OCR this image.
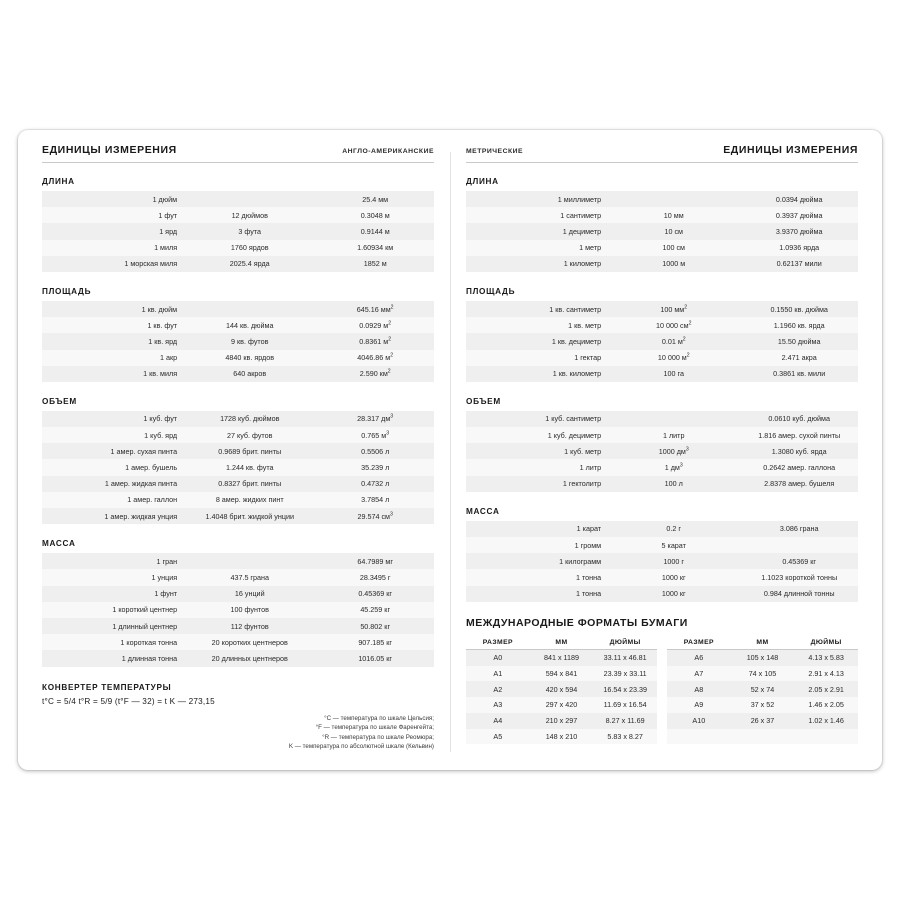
ЕДИНИЦЫ ИЗМЕРЕНИЯ	АНГЛО-АМЕРИКАНСКИЕ
ДЛИНА
1 дюйм		25.4 мм
1 фут	12 дюймов	0.3048 м
1 ярд	3 фута	0.9144 м
1 миля	1760 ярдов	1.60934 км
1 морская миля	2025.4 ярда	1852 м
ПЛОЩАДЬ
1 кв. дюйм		645.16 $мм^2$
1 кв. фут	144 кв. дюйма	0.0929 $м^2$
1 кв. ярд	9 кв. футов	0.8361 $м^2$
1 акр	4840 кв. ярдов	4046.86 $м^2$
1 кв. миля	640 акров	2.590 $км^2$
ОБЪЕМ
1 куб. фут	1728 куб. дюймов	28.317 $дм^3$
1 куб. ярд	27 куб. футов	0.765 $м^3$
1 амер. сухая пинта	0.9689 брит. пинты	0.5506 л
1 амер. бушель	1.244 кв. фута	35.239 л
1 амер. жидкая пинта	0.8327 брит. пинты	0.4732 л
1 амер. галлон	8 амер. жидких пинт	3.7854 л
1 амер. жидкая унция	1.4048 брит. жидкой унции	29.574 $см^3$
МАССА
1 гран		64.7989 мг
1 унция	437.5 грана	28.3495 г
1 фунт	16 унций	0.45369 кг
1 короткий центнер	100 фунтов	45.259 кг
1 длинный центнер	112 фунтов	50.802 кг
1 короткая тонна	20 коротких центнеров	907.185 кг
1 длинная тонна	20 длинных центнеров	1016.05 кг
КОНВЕРТЕР ТЕМПЕРАТУРЫ
t°C = 5/4 t°R = 5/9 (t°F — 32) = t K — 273,15
°C — температура по шкале Цельсия;
°F — температура по шкале Фаренгейта;
°R — температура по шкале Реомюра;
K — температура по абсолютной шкале (Кельвин)
МЕТРИЧЕСКИЕ	ЕДИНИЦЫ ИЗМЕРЕНИЯ
ДЛИНА
1 миллиметр		0.0394 дюйма
1 сантиметр	10 мм	0.3937 дюйма
1 дециметр	10 см	3.9370 дюйма
1 метр	100 см	1.0936 ярда
1 километр	1000 м	0.62137 мили
ПЛОЩАДЬ
1 кв. сантиметр	100 $мм^2$	0.1550 кв. дюйма
1 кв. метр	10 000 $см^2$	1.1960 кв. ярда
1 кв. дециметр	0.01 $м^2$	15.50 дюйма
1 гектар	10 000 $м^2$	2.471 акра
1 кв. километр	100 га	0.3861 кв. мили
ОБЪЕМ
1 куб. сантиметр		0.0610 куб. дюйма
1 куб. дециметр	1 литр	1.816 амер. сухой пинты
1 куб. метр	1000 $дм^3$	1.3080 куб. ярда
1 литр	1 $дм^3$	0.2642 амер. галлона
1 гектолитр	100 л	2.8378 амер. бушеля
МАССА
1 карат	0.2 г	3.086 грана
1 громм	5 карат	
1 килограмм	1000 г	0.45369 кг
1 тонна	1000 кг	1.1023 короткой тонны
1 тонна	1000 кг	0.984 длинной тонны
МЕЖДУНАРОДНЫЕ ФОРМАТЫ БУМАГИ
РАЗМЕР	ММ	ДЮЙМЫ
A0	841 x 1189	33.11 x 46.81
A1	594 x 841	23.39 x 33.11
A2	420 x 594	16.54 x 23.39
A3	297 x 420	11.69 x 16.54
A4	210 x 297	8.27 x 11.69
A5	148 x 210	5.83 x 8.27
РАЗМЕР	ММ	ДЮЙМЫ
A6	105 x 148	4.13 x 5.83
A7	74 x 105	2.91 x 4.13
A8	52 x 74	2.05 x 2.91
A9	37 x 52	1.46 x 2.05
A10	26 x 37	1.02 x 1.46
